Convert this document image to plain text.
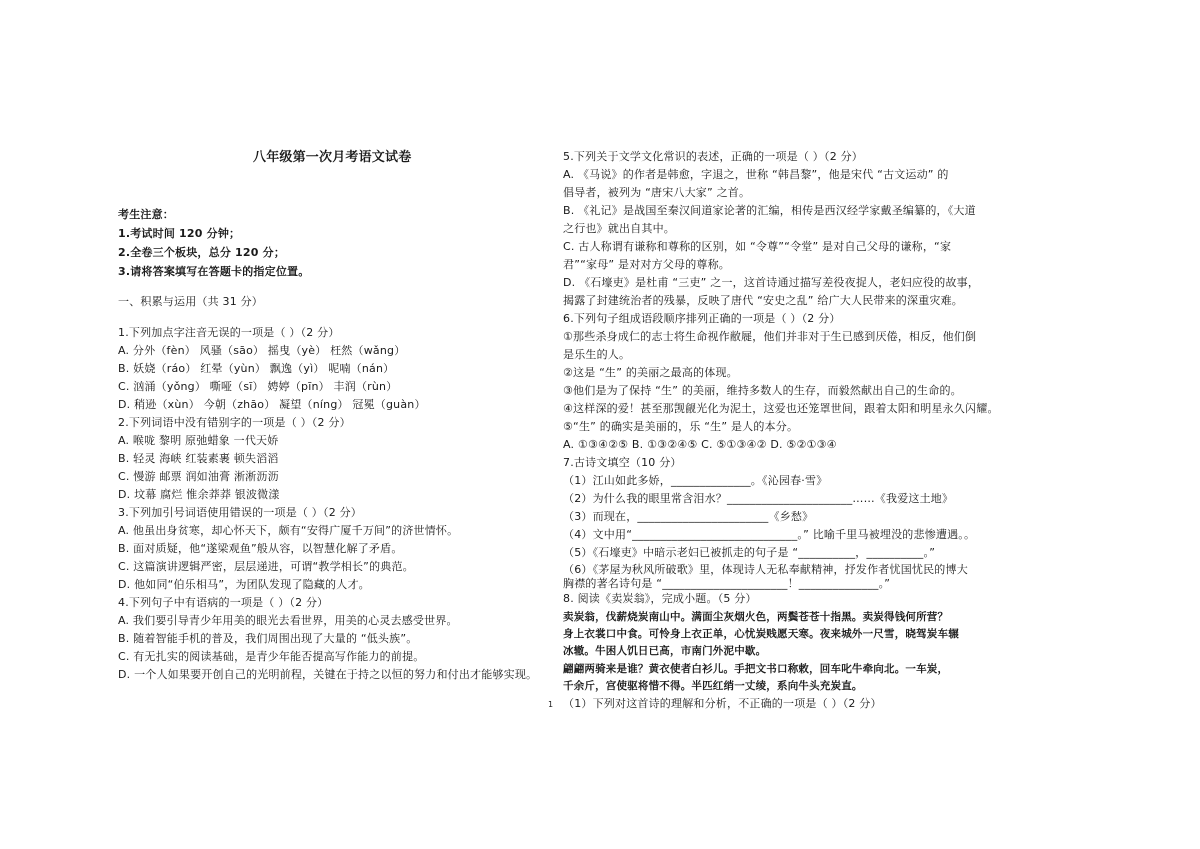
八年级第一次月考语文试卷
考生注意：
1.考试时间 120 分钟；
2.全卷三个板块，总分 120 分；
3.请将答案填写在答题卡的指定位置。
一、积累与运用（共 31 分）
1.下列加点字注音无误的一项是（ ）（2 分）
A. 分外（fèn） 风骚（sāo） 摇曳（yè） 枉然（wǎng）
B. 妖娆（ráo） 红晕（yùn） 飘逸（yì） 呢喃（nán）
C. 汹涌（yǒng） 嘶哑（sī） 娉婷（pīn） 丰润（rùn）
D. 稍逊（xùn） 今朝（zhāo） 凝望（níng） 冠冕（guàn）
2.下列词语中没有错别字的一项是（ ）（2 分）
A. 喉咙 黎明 原弛蜡象 一代天娇
B. 轻灵 海峡 红装素裹 顿失滔滔
C. 慢游 邮票 润如油膏 淅淅沥沥
D. 坟幕 腐烂 惟余莽莽 银波微漾
3.下列加引号词语使用错误的一项是（ ）（2 分）
A. 他虽出身贫寒，却心怀天下，颇有“安得广厦千万间”的济世情怀。
B. 面对质疑，他“遂梁观鱼”般从容，以智慧化解了矛盾。
C. 这篇演讲逻辑严密，层层递进，可谓“教学相长”的典范。
D. 他如同“伯乐相马”，为团队发现了隐藏的人才。
4.下列句子中有语病的一项是（ ）（2 分）
A. 我们要引导青少年用美的眼光去看世界，用美的心灵去感受世界。
B. 随着智能手机的普及，我们周围出现了大量的 “低头族”。
C. 有无扎实的阅读基础，是青少年能否提高写作能力的前提。
D. 一个人如果要开创自己的光明前程，关键在于持之以恒的努力和付出才能够实现。
1
5.下列关于文学文化常识的表述，正确的一项是（ ）（2 分）
A. 《马说》的作者是韩愈，字退之，世称 “韩昌黎”，他是宋代 “古文运动” 的
倡导者，被列为 “唐宋八大家” 之首。
B. 《礼记》是战国至秦汉间道家论著的汇编，相传是西汉经学家戴圣编纂的，《大道
之行也》就出自其中。
C. 古人称谓有谦称和尊称的区别，如 “令尊”“令堂” 是对自己父母的谦称，“家
君”“家母” 是对对方父母的尊称。
D. 《石壕吏》是杜甫 “三吏” 之一，这首诗通过描写差役夜捉人，老妇应役的故事，
揭露了封建统治者的残暴，反映了唐代 “安史之乱” 给广大人民带来的深重灾难。
6.下列句子组成语段顺序排列正确的一项是（ ）（2 分）
①那些杀身成仁的志士将生命视作敝屣，他们并非对于生已感到厌倦，相反，他们倒
是乐生的人。
②这是 “生” 的美丽之最高的体现。
③他们是为了保持 “生” 的美丽，维持多数人的生存，而毅然献出自己的生命的。
④这样深的爱！甚至那觊觎光化为泥土，这爱也还笼罩世间，跟着太阳和明星永久闪耀。
⑤“生” 的确实是美丽的，乐 “生” 是人的本分。
A. ①③④②⑤ B. ①③②④⑤ C. ⑤①③④② D. ⑤②①③④
7.古诗文填空（10 分）
（1）江山如此多娇，______________。《沁园春·雪》
（2）为什么我的眼里常含泪水？______________________……《我爱这土地》
（3）而现在，_______________________《乡愁》
（4）文中用“_____________________________。” 比喻千里马被埋没的悲惨遭遇。。
（5）《石壕吏》中暗示老妇已被抓走的句子是 “__________，__________。”
（6）《茅屋为秋风所破歌》里，体现诗人无私奉献精神，抒发作者忧国忧民的博大
胸襟的著名诗句是 “______________________！______________。”
8. 阅读《卖炭翁》，完成小题。（5 分）
卖炭翁，伐薪烧炭南山中。满面尘灰烟火色，两鬓苍苍十指黑。卖炭得钱何所营？
身上衣裳口中食。可怜身上衣正单，心忧炭贱愿天寒。夜来城外一尺雪，晓驾炭车辗
冰辙。牛困人饥日已高，市南门外泥中歇。
翩翩两骑来是谁？黄衣使者白衫儿。手把文书口称敕，回车叱牛牵向北。一车炭，
千余斤，宫使驱将惜不得。半匹红绡一丈绫，系向牛头充炭直。
（1）下列对这首诗的理解和分析，不正确的一项是（ ）（2 分）
